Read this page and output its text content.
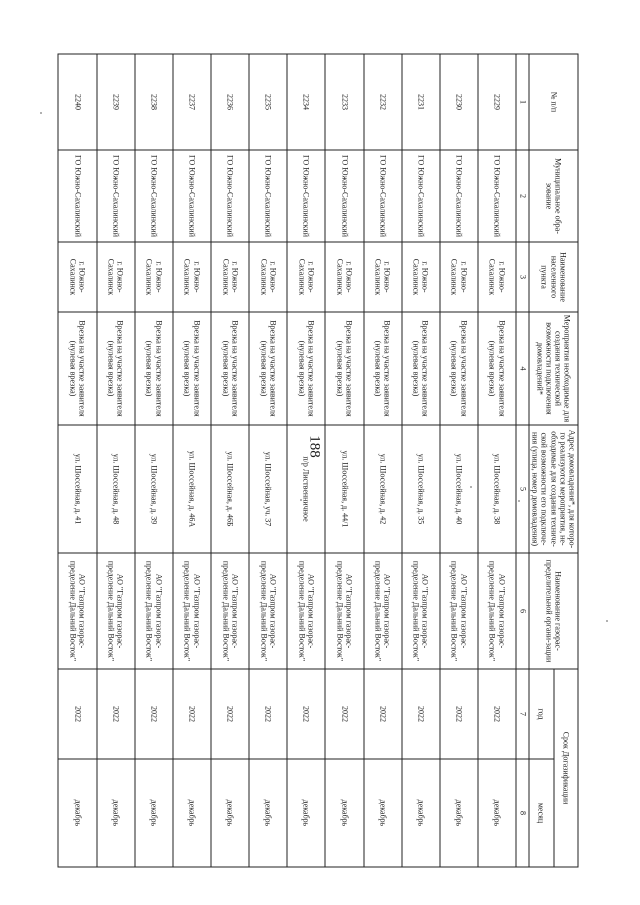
188
№ п/п	Муниципальное обра-зование	Наименование населенного пункта	Мероприятия необходимые для создания технической возможности подключения домовладений*	Адрес домовладения*, для которо-го реализуются мероприятия, не-обходимые для создания техниче-ской возможности его подключе-ния (улица, номер домовладения)	Наименование газорас-пределительной органи-зации	Срок Догазификации	
						год	месяц
1	2	3	4	5	6	7	8
2229	ГО Южно-Сахалинский	г. Южно-Сахалинск	Врезка на участке заявителя (нулевая врезка)	ул. Шоссейная, д. 38	АО "Газпром газорас-пределение Дальний Восток"	2022	декабрь
2230	ГО Южно-Сахалинский	г. Южно-Сахалинск	Врезка на участке заявителя (нулевая врезка)	ул. Шоссейная, д. 40	АО "Газпром газорас-пределение Дальний Восток"	2022	декабрь
2231	ГО Южно-Сахалинский	г. Южно-Сахалинск	Врезка на участке заявителя (нулевая врезка)	ул. Шоссейная, д. 35	АО "Газпром газорас-пределение Дальний Восток"	2022	декабрь
2232	ГО Южно-Сахалинский	г. Южно-Сахалинск	Врезка на участке заявителя (нулевая врезка)	ул. Шоссейная, д. 42	АО "Газпром газорас-пределение Дальний Восток"	2022	декабрь
2233	ГО Южно-Сахалинский	г. Южно-Сахалинск	Врезка на участке заявителя (нулевая врезка)	ул. Шоссейная, д. 44/1	АО "Газпром газорас-пределение Дальний Восток"	2022	декабрь
2234	ГО Южно-Сахалинский	г. Южно-Сахалинск	Врезка на участке заявителя (нулевая врезка)	п/р Лиственничное	АО "Газпром газорас-пределение Дальний Восток"	2022	декабрь
2235	ГО Южно-Сахалинский	г. Южно-Сахалинск	Врезка на участке заявителя (нулевая врезка)	ул. Шоссейная, уч. 37	АО "Газпром газорас-пределение Дальний Восток"	2022	декабрь
2236	ГО Южно-Сахалинский	г. Южно-Сахалинск	Врезка на участке заявителя (нулевая врезка)	ул. Шоссейная, д. 46Б	АО "Газпром газорас-пределение Дальний Восток"	2022	декабрь
2237	ГО Южно-Сахалинский	г. Южно-Сахалинск	Врезка на участке заявителя (нулевая врезка)	ул. Шоссейная, д. 46А	АО "Газпром газорас-пределение Дальний Восток"	2022	декабрь
2238	ГО Южно-Сахалинский	г. Южно-Сахалинск	Врезка на участке заявителя (нулевая врезка)	ул. Шоссейная, д. 39	АО "Газпром газорас-пределение Дальний Восток"	2022	декабрь
2239	ГО Южно-Сахалинский	г. Южно-Сахалинск	Врезка на участке заявителя (нулевая врезка)	ул. Шоссейная, д. 48	АО "Газпром газорас-пределение Дальний Восток"	2022	декабрь
2240	ГО Южно-Сахалинский	г. Южно-Сахалинск	Врезка на участке заявителя (нулевая врезка)	ул. Шоссейная, д. 41	АО "Газпром газорас-пределение Дальний Восток"	2022	декабрь
